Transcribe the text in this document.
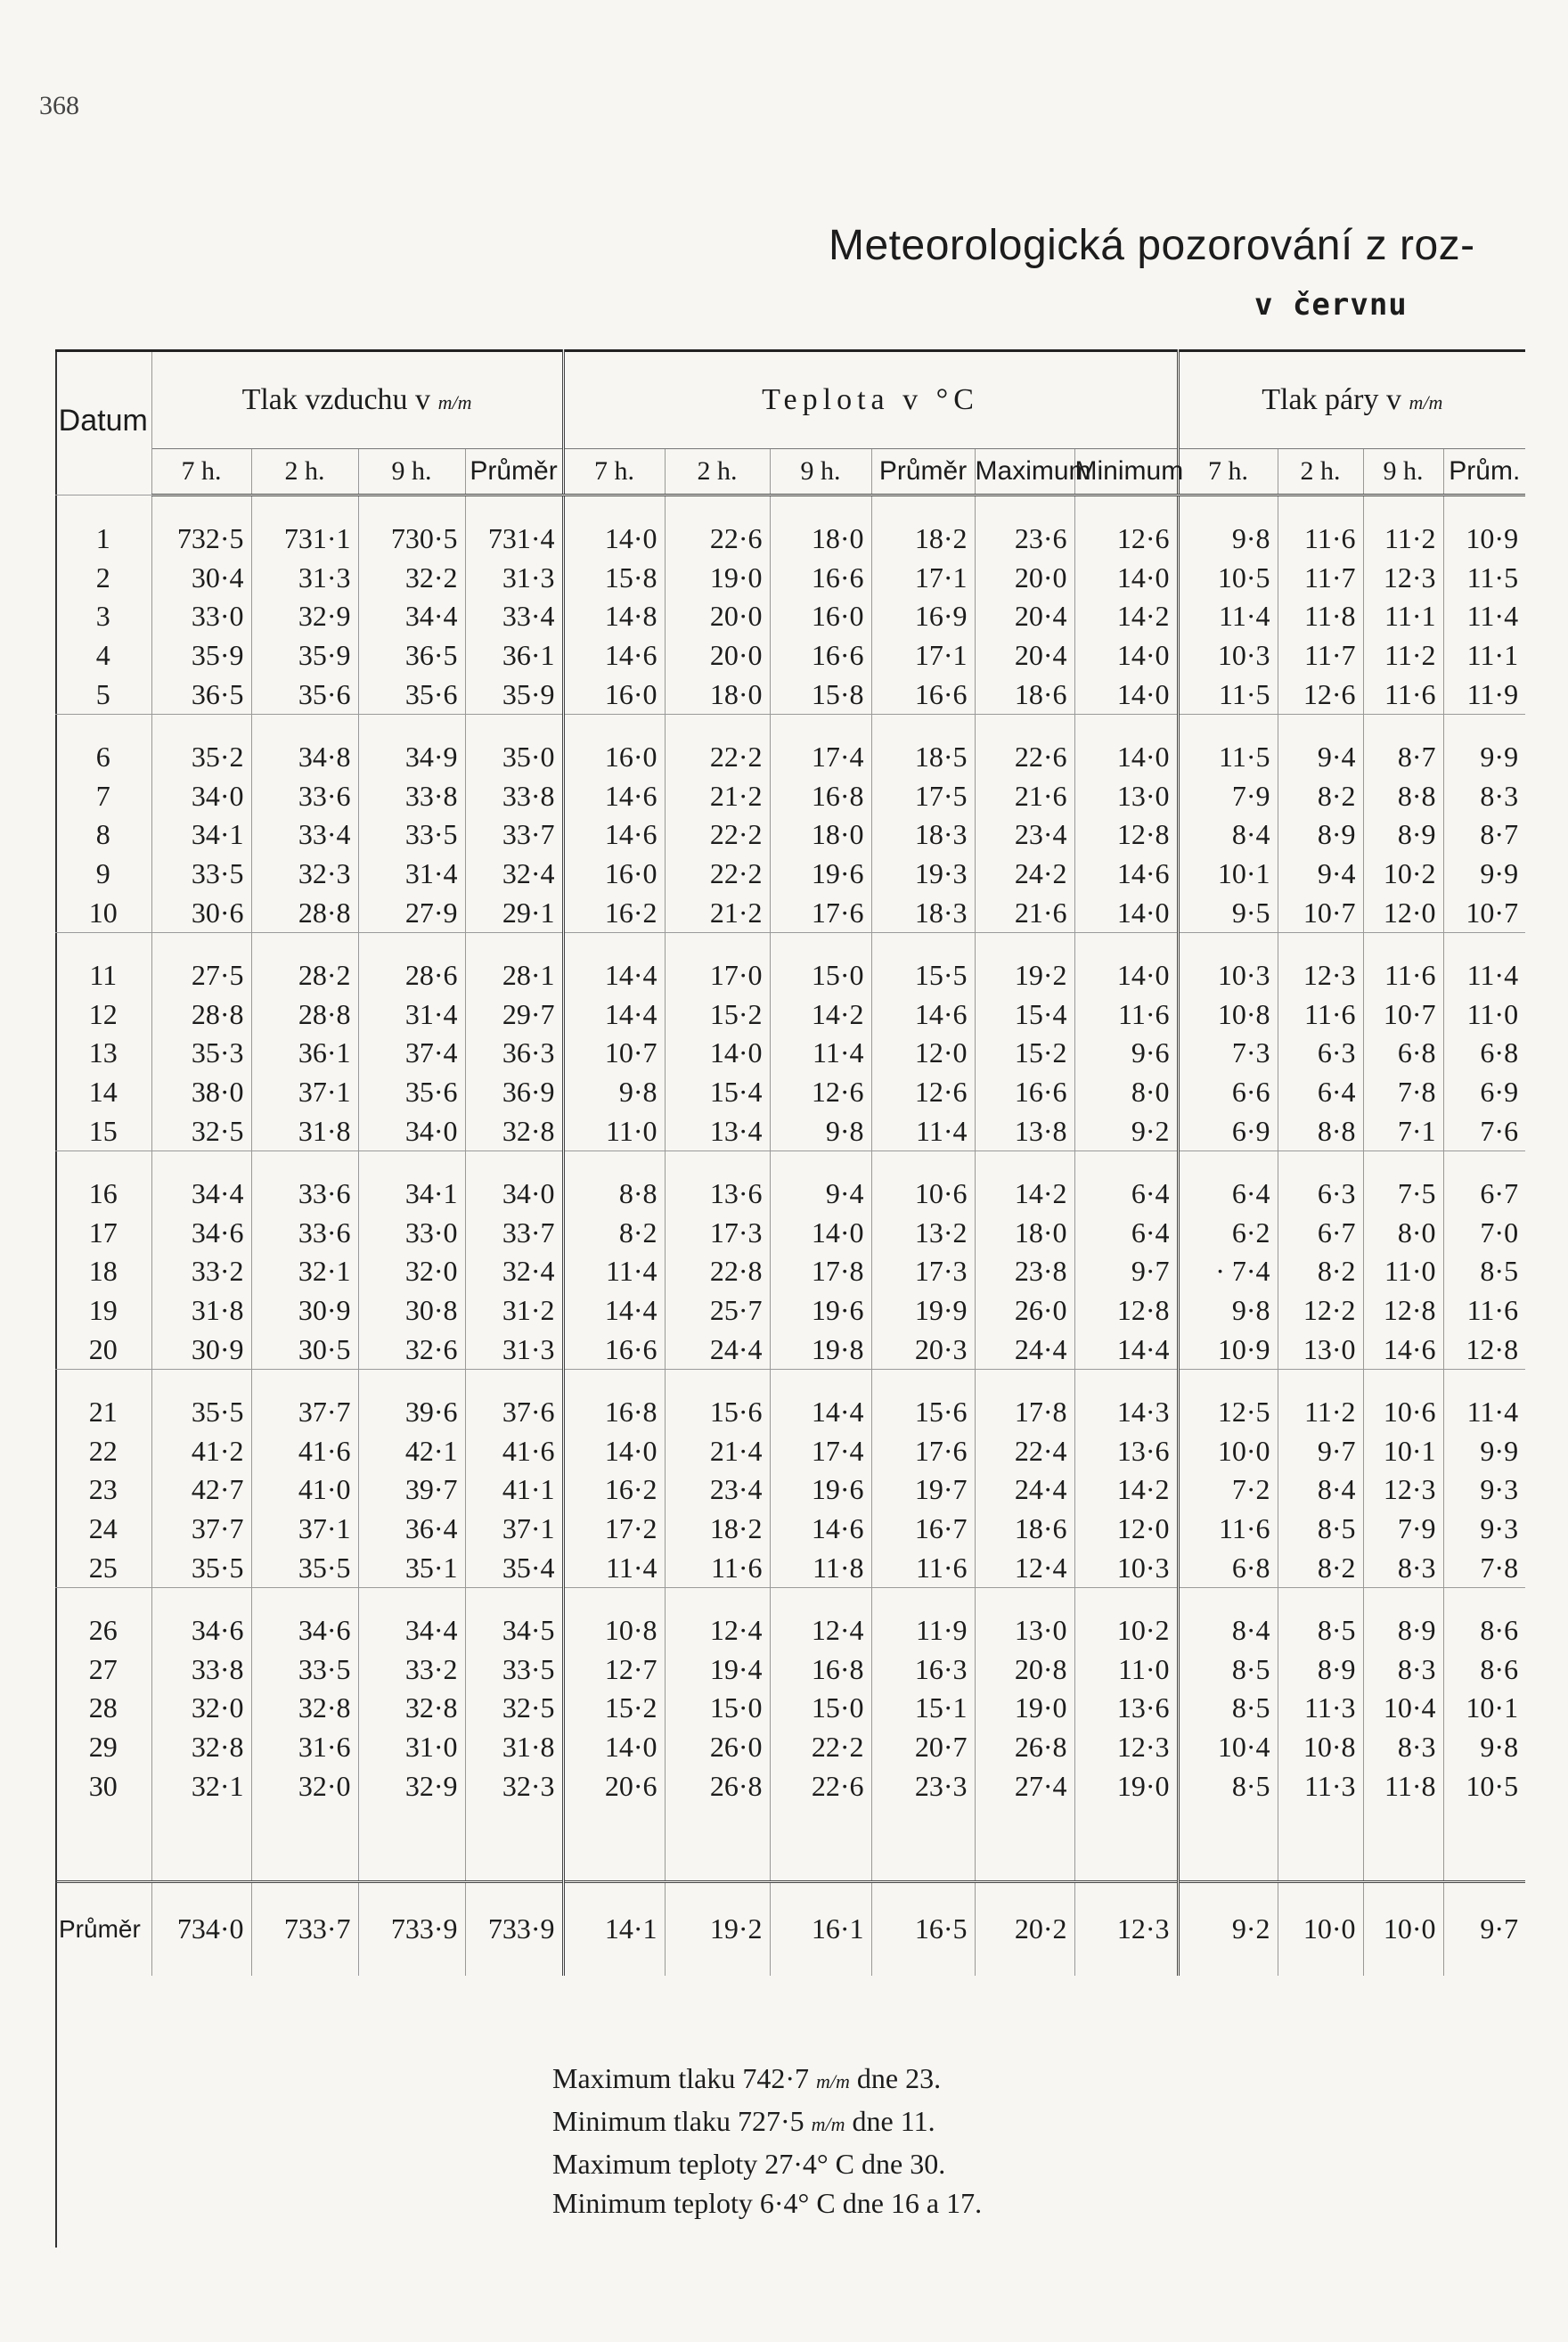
368
Meteorologická pozorování z roz-
v červnu
Datum	Tlak vzduchu v m/m				Teplota v °C						Tlak páry v m/m			
	7 h.	2 h.	9 h.	Průměr	7 h.	2 h.	9 h.	Průměr	Maximum	Minimum	7 h.	2 h.	9 h.	Prům.
1	732·5	731·1	730·5	731·4	14·0	22·6	18·0	18·2	23·6	12·6	9·8	11·6	11·2	10·9
2	30·4	31·3	32·2	31·3	15·8	19·0	16·6	17·1	20·0	14·0	10·5	11·7	12·3	11·5
3	33·0	32·9	34·4	33·4	14·8	20·0	16·0	16·9	20·4	14·2	11·4	11·8	11·1	11·4
4	35·9	35·9	36·5	36·1	14·6	20·0	16·6	17·1	20·4	14·0	10·3	11·7	11·2	11·1
5	36·5	35·6	35·6	35·9	16·0	18·0	15·8	16·6	18·6	14·0	11·5	12·6	11·6	11·9
6	35·2	34·8	34·9	35·0	16·0	22·2	17·4	18·5	22·6	14·0	11·5	9·4	8·7	9·9
7	34·0	33·6	33·8	33·8	14·6	21·2	16·8	17·5	21·6	13·0	7·9	8·2	8·8	8·3
8	34·1	33·4	33·5	33·7	14·6	22·2	18·0	18·3	23·4	12·8	8·4	8·9	8·9	8·7
9	33·5	32·3	31·4	32·4	16·0	22·2	19·6	19·3	24·2	14·6	10·1	9·4	10·2	9·9
10	30·6	28·8	27·9	29·1	16·2	21·2	17·6	18·3	21·6	14·0	9·5	10·7	12·0	10·7
11	27·5	28·2	28·6	28·1	14·4	17·0	15·0	15·5	19·2	14·0	10·3	12·3	11·6	11·4
12	28·8	28·8	31·4	29·7	14·4	15·2	14·2	14·6	15·4	11·6	10·8	11·6	10·7	11·0
13	35·3	36·1	37·4	36·3	10·7	14·0	11·4	12·0	15·2	9·6	7·3	6·3	6·8	6·8
14	38·0	37·1	35·6	36·9	9·8	15·4	12·6	12·6	16·6	8·0	6·6	6·4	7·8	6·9
15	32·5	31·8	34·0	32·8	11·0	13·4	9·8	11·4	13·8	9·2	6·9	8·8	7·1	7·6
16	34·4	33·6	34·1	34·0	8·8	13·6	9·4	10·6	14·2	6·4	6·4	6·3	7·5	6·7
17	34·6	33·6	33·0	33·7	8·2	17·3	14·0	13·2	18·0	6·4	6·2	6·7	8·0	7·0
18	33·2	32·1	32·0	32·4	11·4	22·8	17·8	17·3	23·8	9·7	· 7·4	8·2	11·0	8·5
19	31·8	30·9	30·8	31·2	14·4	25·7	19·6	19·9	26·0	12·8	9·8	12·2	12·8	11·6
20	30·9	30·5	32·6	31·3	16·6	24·4	19·8	20·3	24·4	14·4	10·9	13·0	14·6	12·8
21	35·5	37·7	39·6	37·6	16·8	15·6	14·4	15·6	17·8	14·3	12·5	11·2	10·6	11·4
22	41·2	41·6	42·1	41·6	14·0	21·4	17·4	17·6	22·4	13·6	10·0	9·7	10·1	9·9
23	42·7	41·0	39·7	41·1	16·2	23·4	19·6	19·7	24·4	14·2	7·2	8·4	12·3	9·3
24	37·7	37·1	36·4	37·1	17·2	18·2	14·6	16·7	18·6	12·0	11·6	8·5	7·9	9·3
25	35·5	35·5	35·1	35·4	11·4	11·6	11·8	11·6	12·4	10·3	6·8	8·2	8·3	7·8
26	34·6	34·6	34·4	34·5	10·8	12·4	12·4	11·9	13·0	10·2	8·4	8·5	8·9	8·6
27	33·8	33·5	33·2	33·5	12·7	19·4	16·8	16·3	20·8	11·0	8·5	8·9	8·3	8·6
28	32·0	32·8	32·8	32·5	15·2	15·0	15·0	15·1	19·0	13·6	8·5	11·3	10·4	10·1
29	32·8	31·6	31·0	31·8	14·0	26·0	22·2	20·7	26·8	12·3	10·4	10·8	8·3	9·8
30	32·1	32·0	32·9	32·3	20·6	26·8	22·6	23·3	27·4	19·0	8·5	11·3	11·8	10·5

Průměr	734·0	733·7	733·9	733·9	14·1	19·2	16·1	16·5	20·2	12·3	9·2	10·0	10·0	9·7
Maximum tlaku 742·7 m/m dne 23.
Minimum tlaku 727·5 m/m dne 11.
Maximum teploty 27·4° C dne 30.
Minimum teploty 6·4° C dne 16 a 17.
